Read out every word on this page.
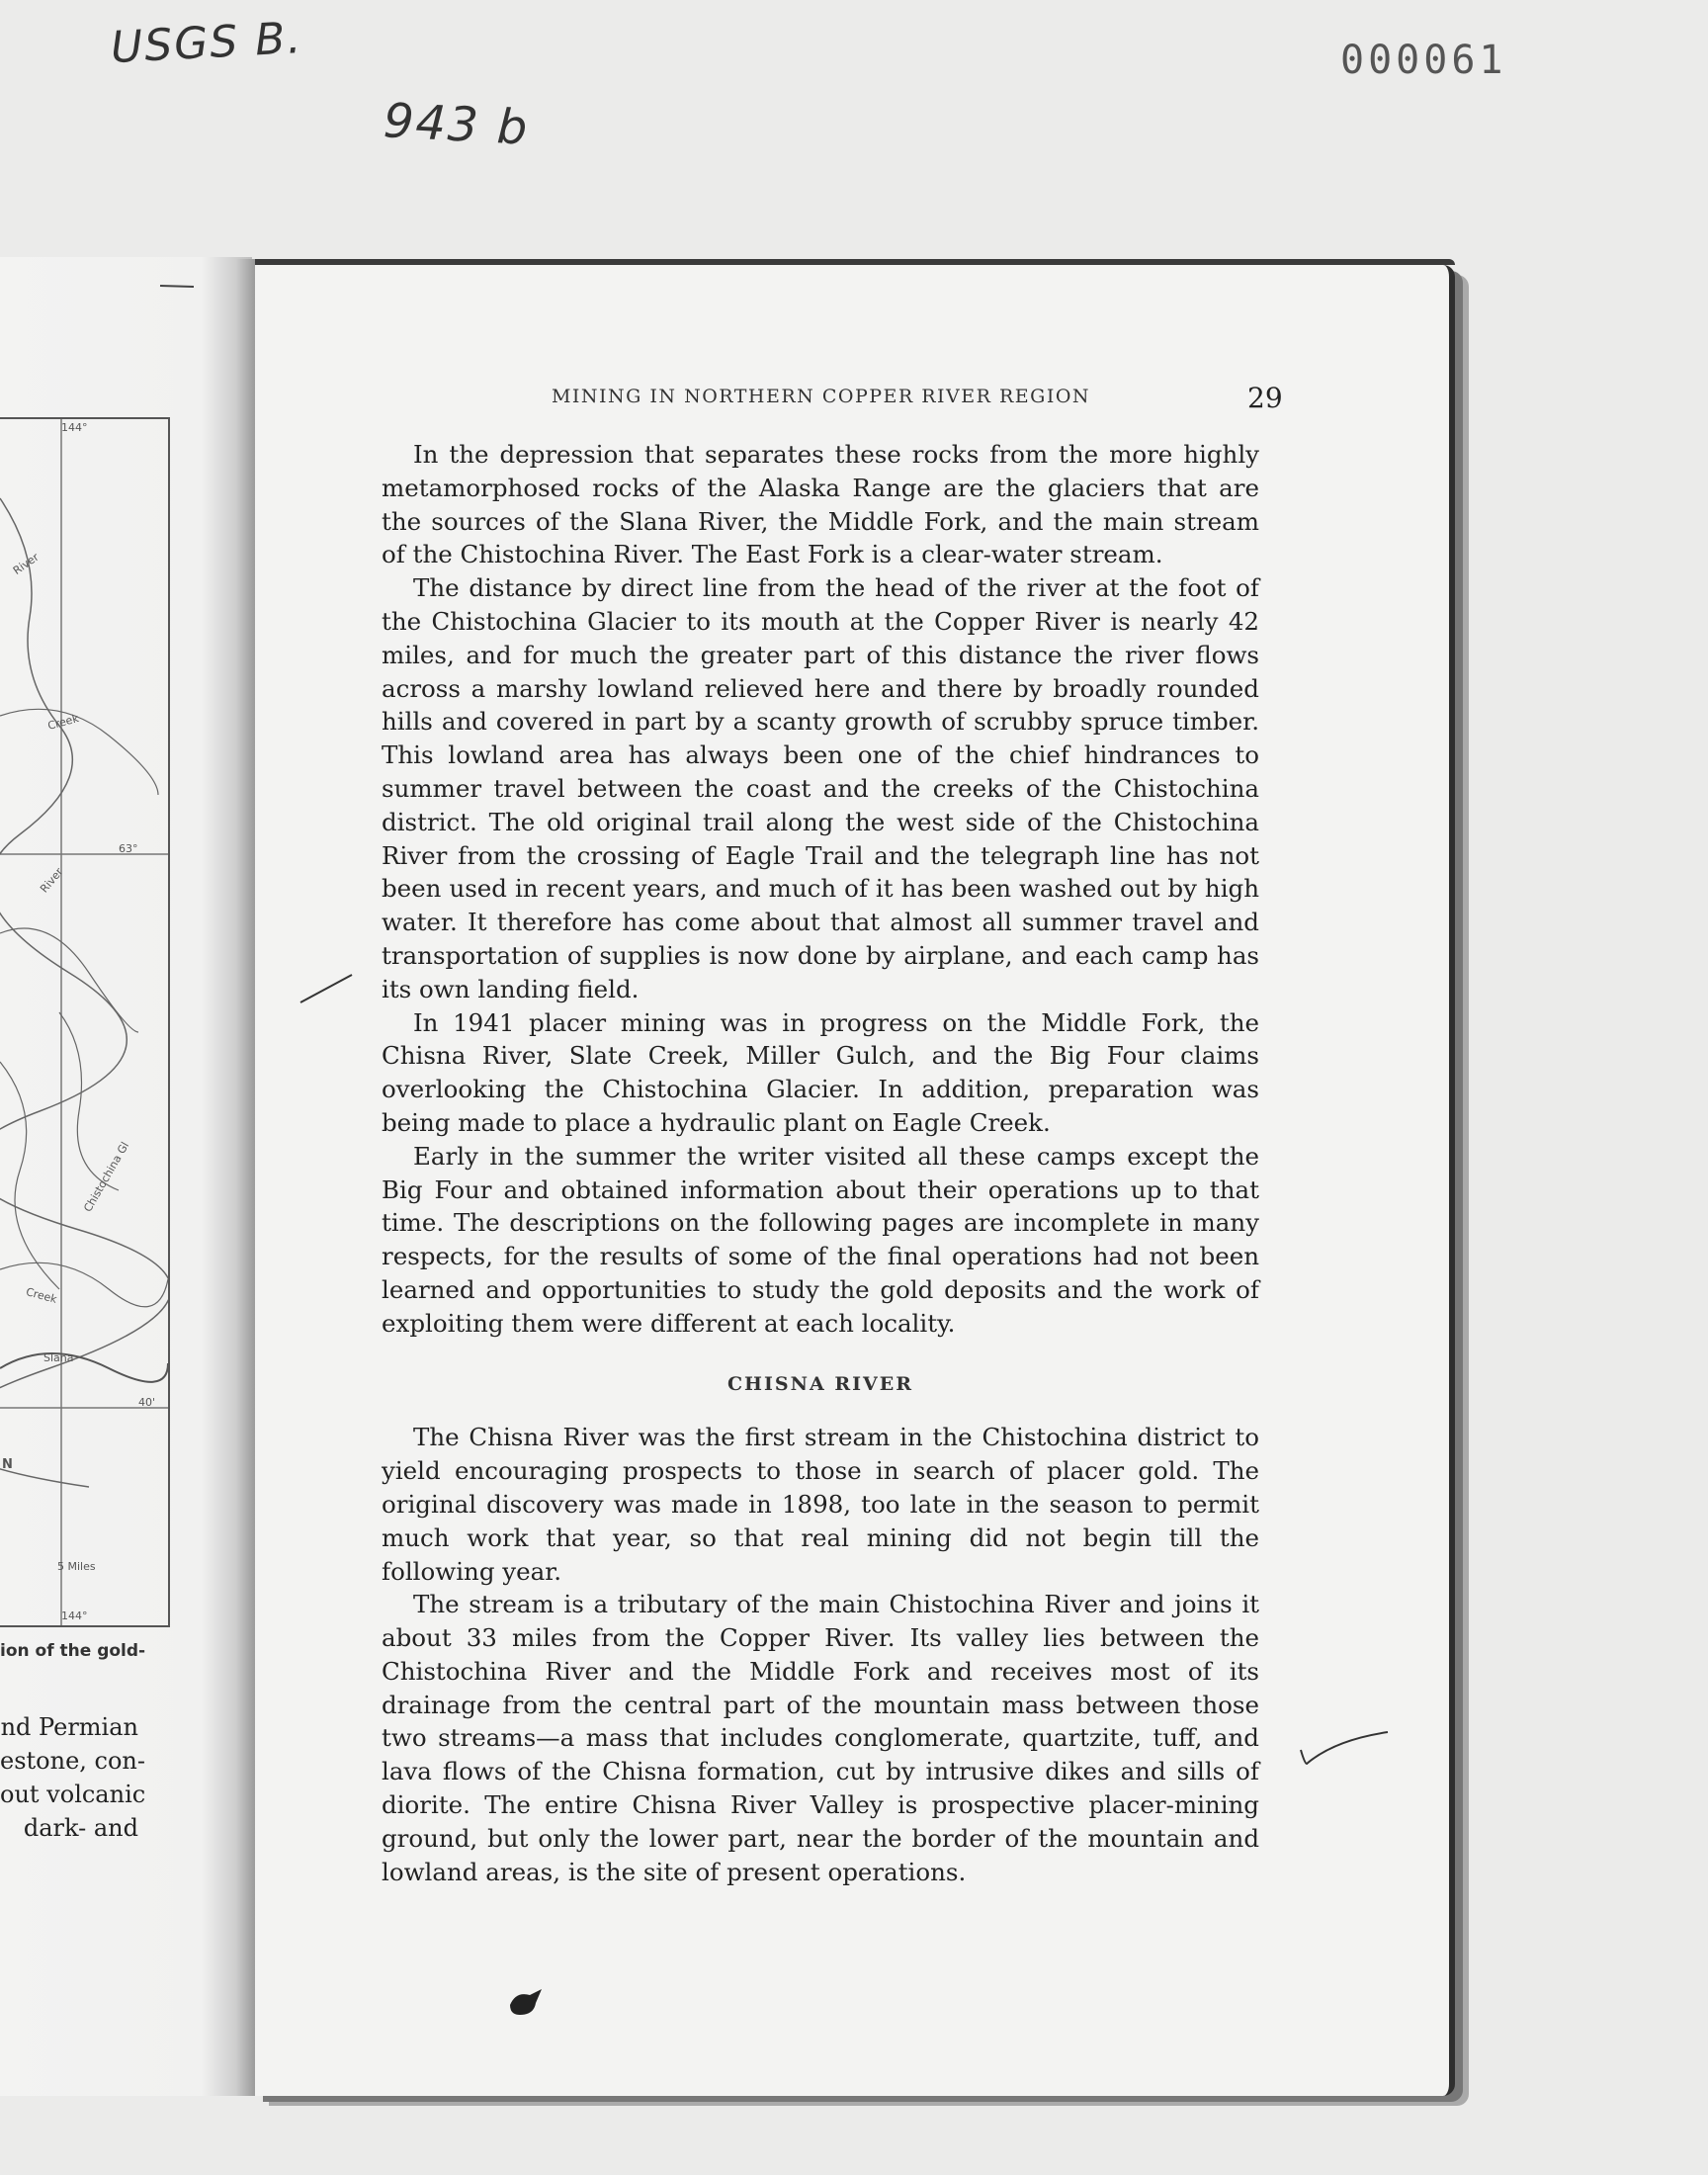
USGS B.
943 b
000061
144°
River
Creek
River
63°
Chistochina Gl
Creek
Slana
40'
N
5 Miles
144°
ion of the gold-
nd Permian
estone, con-
out volcanic
dark- and
MINING IN NORTHERN COPPER RIVER REGION	29

In the depression that separates these rocks from the more highly metamorphosed rocks of the Alaska Range are the glaciers that are the sources of the Slana River, the Middle Fork, and the main stream of the Chistochina River. The East Fork is a clear-water stream.

The distance by direct line from the head of the river at the foot of the Chistochina Glacier to its mouth at the Copper River is nearly 42 miles, and for much the greater part of this distance the river flows across a marshy lowland relieved here and there by broadly rounded hills and covered in part by a scanty growth of scrubby spruce timber. This lowland area has always been one of the chief hindrances to summer travel between the coast and the creeks of the Chistochina district. The old original trail along the west side of the Chistochina River from the crossing of Eagle Trail and the telegraph line has not been used in recent years, and much of it has been washed out by high water. It therefore has come about that almost all summer travel and transportation of supplies is now done by airplane, and each camp has its own landing field.

In 1941 placer mining was in progress on the Middle Fork, the Chisna River, Slate Creek, Miller Gulch, and the Big Four claims overlooking the Chistochina Glacier. In addition, preparation was being made to place a hydraulic plant on Eagle Creek.

Early in the summer the writer visited all these camps except the Big Four and obtained information about their operations up to that time. The descriptions on the following pages are incomplete in many respects, for the results of some of the final operations had not been learned and opportunities to study the gold deposits and the work of exploiting them were different at each locality.

CHISNA RIVER

The Chisna River was the first stream in the Chistochina district to yield encouraging prospects to those in search of placer gold. The original discovery was made in 1898, too late in the season to permit much work that year, so that real mining did not begin till the following year.

The stream is a tributary of the main Chistochina River and joins it about 33 miles from the Copper River. Its valley lies between the Chistochina River and the Middle Fork and receives most of its drainage from the central part of the mountain mass between those two streams—a mass that includes conglomerate, quartzite, tuff, and lava flows of the Chisna formation, cut by intrusive dikes and sills of diorite. The entire Chisna River Valley is prospective placer-mining ground, but only the lower part, near the border of the mountain and lowland areas, is the site of present operations.
